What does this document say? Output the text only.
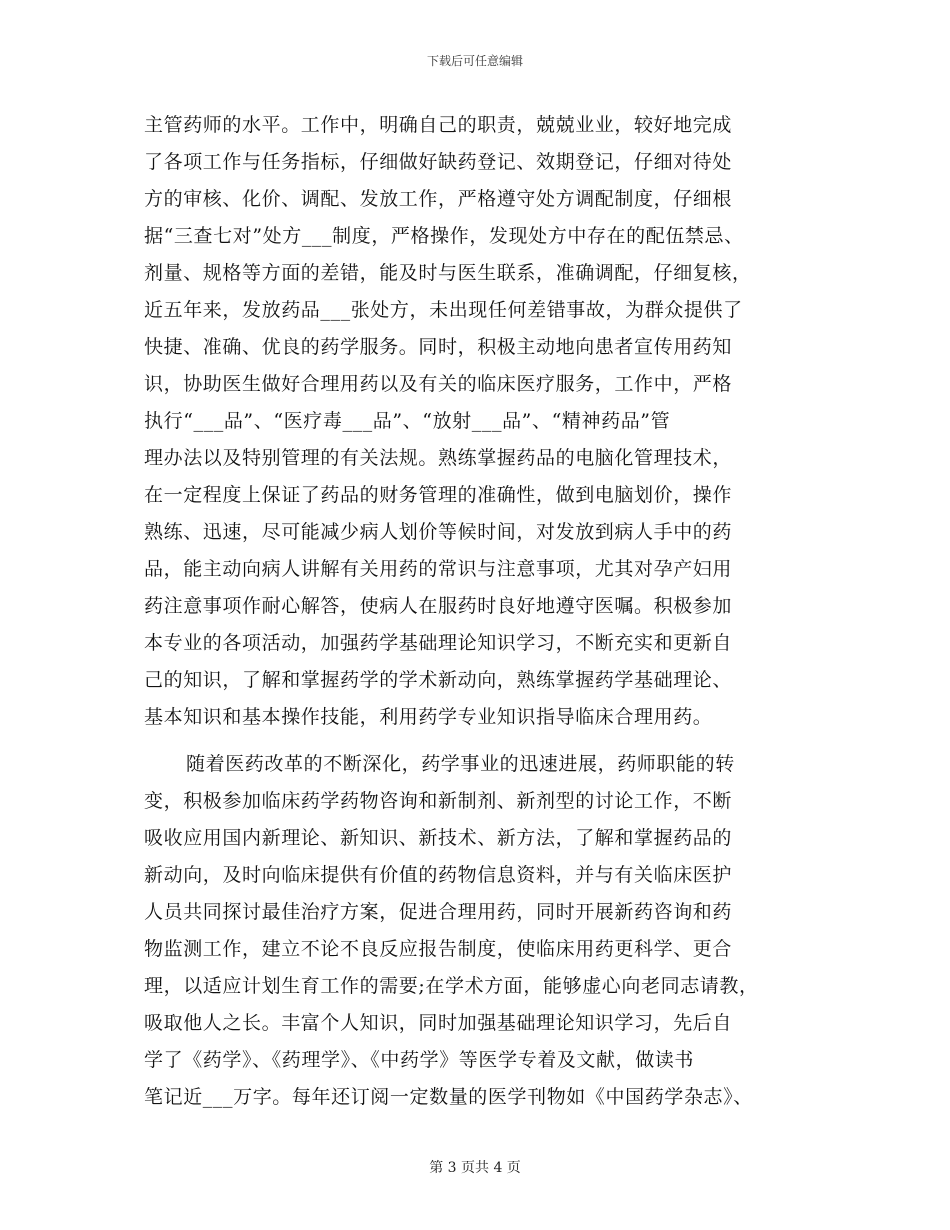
下载后可任意编辑
主管药师的水平。工作中，明确自己的职责，兢兢业业，较好地完成
了各项工作与任务指标，仔细做好缺药登记、效期登记，仔细对待处
方的审核、化价、调配、发放工作，严格遵守处方调配制度，仔细根
据“三查七对”处方___制度，严格操作，发现处方中存在的配伍禁忌、
剂量、规格等方面的差错，能及时与医生联系，准确调配，仔细复核，
近五年来，发放药品___张处方，未出现任何差错事故，为群众提供了
快捷、准确、优良的药学服务。同时，积极主动地向患者宣传用药知
识，协助医生做好合理用药以及有关的临床医疗服务，工作中，严格
执行“___品”、“医疗毒___品”、“放射___品”、“精神药品”管
理办法以及特别管理的有关法规。熟练掌握药品的电脑化管理技术，
在一定程度上保证了药品的财务管理的准确性，做到电脑划价，操作
熟练、迅速，尽可能减少病人划价等候时间，对发放到病人手中的药
品，能主动向病人讲解有关用药的常识与注意事项，尤其对孕产妇用
药注意事项作耐心解答，使病人在服药时良好地遵守医嘱。积极参加
本专业的各项活动，加强药学基础理论知识学习，不断充实和更新自
己的知识，了解和掌握药学的学术新动向，熟练掌握药学基础理论、
基本知识和基本操作技能，利用药学专业知识指导临床合理用药。
随着医药改革的不断深化，药学事业的迅速进展，药师职能的转
变，积极参加临床药学药物咨询和新制剂、新剂型的讨论工作，不断
吸收应用国内新理论、新知识、新技术、新方法，了解和掌握药品的
新动向，及时向临床提供有价值的药物信息资料，并与有关临床医护
人员共同探讨最佳治疗方案，促进合理用药，同时开展新药咨询和药
物监测工作，建立不论不良反应报告制度，使临床用药更科学、更合
理，以适应计划生育工作的需要;在学术方面，能够虚心向老同志请教，
吸取他人之长。丰富个人知识，同时加强基础理论知识学习，先后自
学了《药学》、《药理学》、《中药学》等医学专着及文献，做读书
笔记近___万字。每年还订阅一定数量的医学刊物如《中国药学杂志》、
第 3 页共 4 页
